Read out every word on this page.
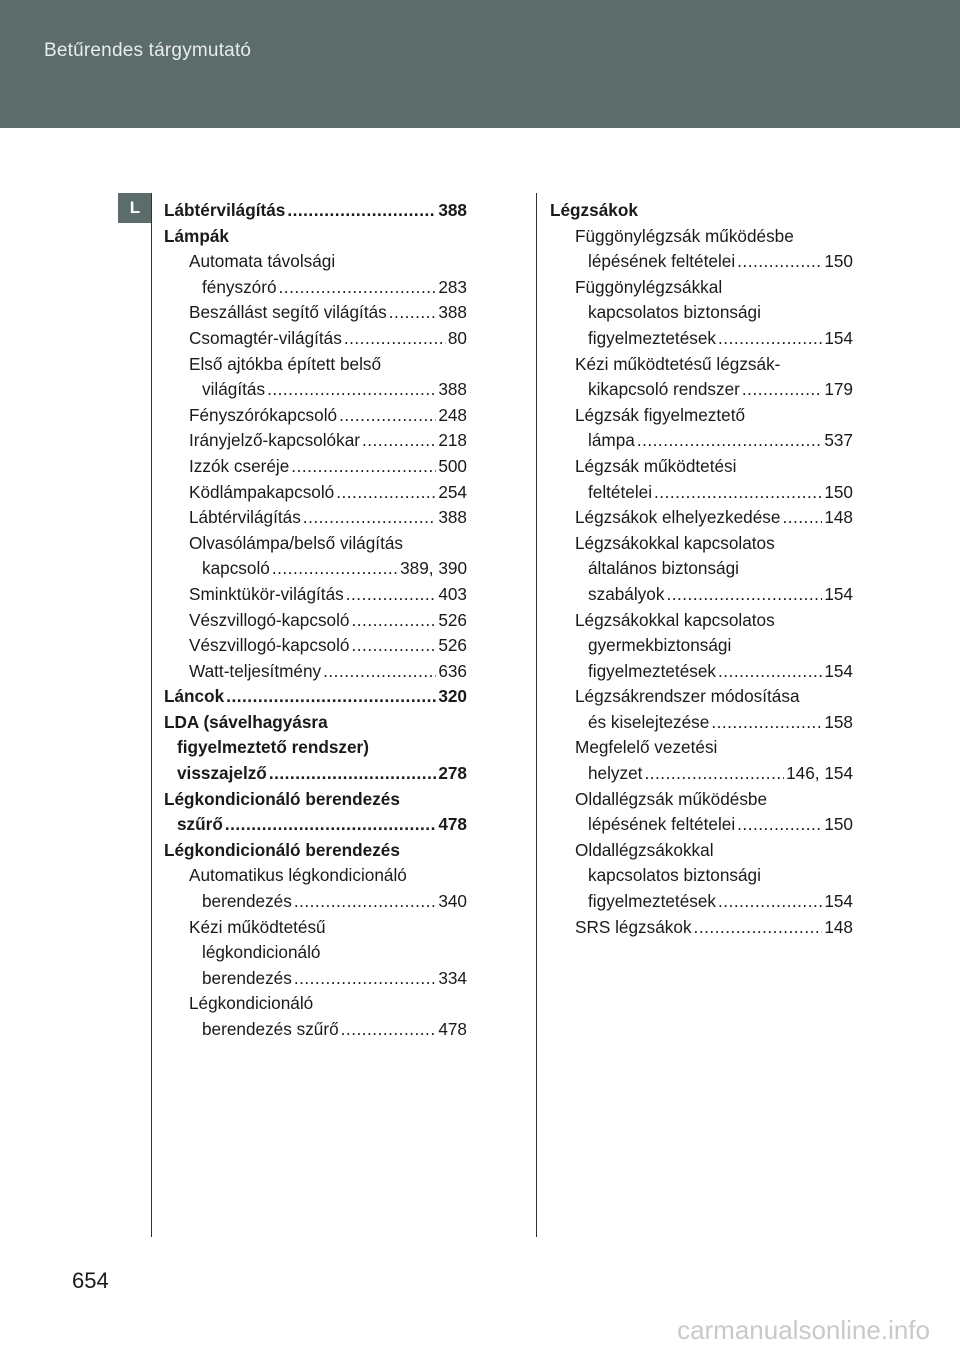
Betűrendes tárgymutató
L	Lábtérvilágítás .....	388
Lámpák
Automata távolsági
fényszóró .....	283
Beszállást segítő világítás .....	388
Csomagtér-világítás .....	80
Első ajtókba épített belső
világítás .....	388
Fényszórókapcsoló .....	248
Irányjelző-kapcsolókar .....	218
Izzók cseréje .....	500
Ködlámpakapcsoló .....	254
Lábtérvilágítás .....	388
Olvasólámpa/belső világítás
kapcsoló .....	389, 390
Sminktükör-világítás .....	403
Vészvillogó-kapcsoló .....	526
Vészvillogó-kapcsoló .....	526
Watt-teljesítmény .....	636
Láncok .....	320
LDA (sávelhagyásra
figyelmeztető rendszer)
visszajelző .....	278
Légkondicionáló berendezés
szűrő .....	478
Légkondicionáló berendezés
Automatikus légkondicionáló
berendezés .....	340
Kézi működtetésű
légkondicionáló
berendezés .....	334
Légkondicionáló
berendezés szűrő .....	478
Légzsákok
Függönylégzsák működésbe
lépésének feltételei .....	150
Függönylégzsákkal
kapcsolatos biztonsági
figyelmeztetések .....	154
Kézi működtetésű légzsák-
kikapcsoló rendszer .....	179
Légzsák figyelmeztető
lámpa .....	537
Légzsák működtetési
feltételei .....	150
Légzsákok elhelyezkedése .....	148
Légzsákokkal kapcsolatos
általános biztonsági
szabályok .....	154
Légzsákokkal kapcsolatos
gyermekbiztonsági
figyelmeztetések .....	154
Légzsákrendszer módosítása
és kiselejtezése .....	158
Megfelelő vezetési
helyzet .....	146, 154
Oldallégzsák működésbe
lépésének feltételei .....	150
Oldallégzsákokkal
kapcsolatos biztonsági
figyelmeztetések .....	154
SRS légzsákok .....	148
654
carmanualsonline.info
